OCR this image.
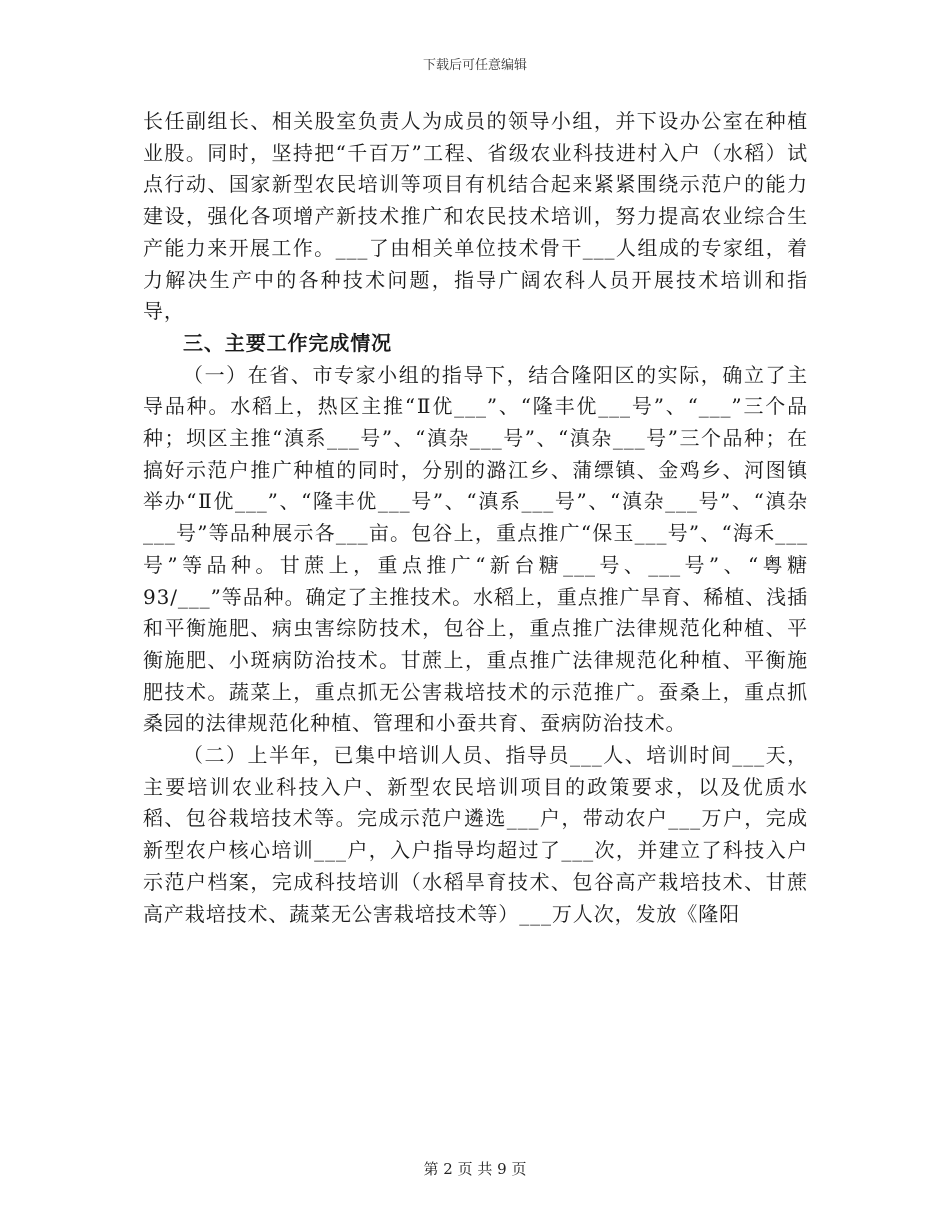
下载后可任意编辑

长任副组长、相关股室负责人为成员的领导小组，并下设办公室在种植业股。同时，坚持把“千百万”工程、省级农业科技进村入户（水稻）试点行动、国家新型农民培训等项目有机结合起来紧紧围绕示范户的能力建设，强化各项增产新技术推广和农民技术培训，努力提高农业综合生产能力来开展工作。___了由相关单位技术骨干___人组成的专家组，着力解决生产中的各种技术问题，指导广阔农科人员开展技术培训和指导，

三、主要工作完成情况

（一）在省、市专家小组的指导下，结合隆阳区的实际，确立了主导品种。水稻上，热区主推“Ⅱ优___”、“隆丰优___号”、“___”三个品种；坝区主推“滇系___号”、“滇杂___号”、“滇杂___号”三个品种；在搞好示范户推广种植的同时，分别的潞江乡、蒲缥镇、金鸡乡、河图镇举办“Ⅱ优___”、“隆丰优___号”、“滇系___号”、“滇杂___号”、“滇杂___号”等品种展示各___亩。包谷上，重点推广“保玉___号”、“海禾___号”等品种。甘蔗上，重点推广“新台糖___号、___号”、“粤糖93/___”等品种。确定了主推技术。水稻上，重点推广旱育、稀植、浅插和平衡施肥、病虫害综防技术，包谷上，重点推广法律规范化种植、平衡施肥、小斑病防治技术。甘蔗上，重点推广法律规范化种植、平衡施肥技术。蔬菜上，重点抓无公害栽培技术的示范推广。蚕桑上，重点抓桑园的法律规范化种植、管理和小蚕共育、蚕病防治技术。

（二）上半年，已集中培训人员、指导员___人、培训时间___天，主要培训农业科技入户、新型农民培训项目的政策要求，以及优质水稻、包谷栽培技术等。完成示范户遴选___户，带动农户___万户，完成新型农户核心培训___户，入户指导均超过了___次，并建立了科技入户示范户档案，完成科技培训（水稻旱育技术、包谷高产栽培技术、甘蔗高产栽培技术、蔬菜无公害栽培技术等）___万人次，发放《隆阳

第 2 页 共 9 页
